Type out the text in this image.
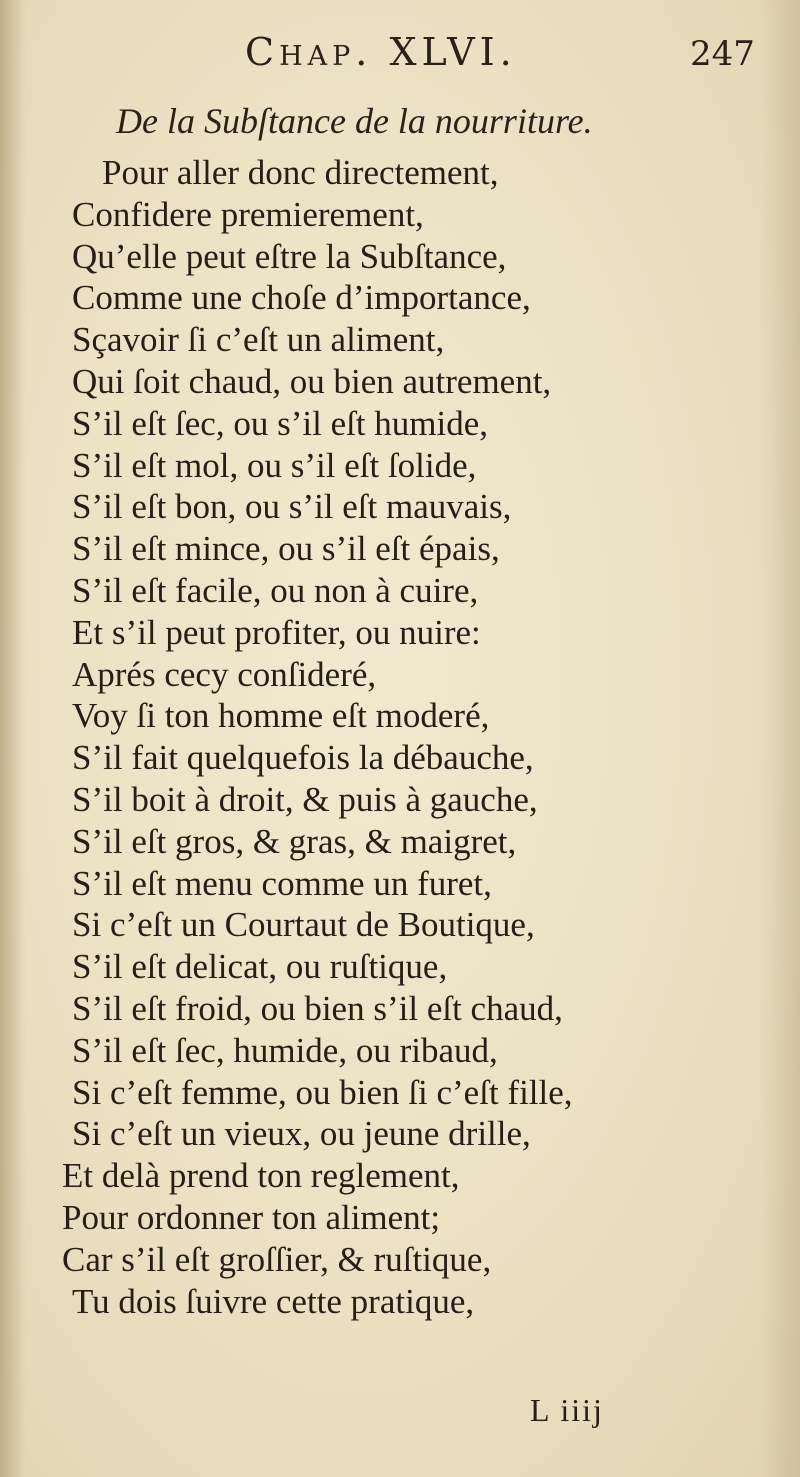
Chap. XLVI.	247
De la Subſtance de la nourriture.
Pour aller donc directement,
Confidere premierement,
Qu’elle peut eſtre la Subſtance,
Comme une choſe d’importance,
Sçavoir ſi c’eſt un aliment,
Qui ſoit chaud, ou bien autrement,
S’il eſt ſec, ou s’il eſt humide,
S’il eſt mol, ou s’il eſt ſolide,
S’il eſt bon, ou s’il eſt mauvais,
S’il eſt mince, ou s’il eſt épais,
S’il eſt facile, ou non à cuire,
Et s’il peut profiter, ou nuire:
Aprés cecy conſideré,
Voy ſi ton homme eſt moderé,
S’il fait quelquefois la débauche,
S’il boit à droit, & puis à gauche,
S’il eſt gros, & gras, & maigret,
S’il eſt menu comme un furet,
Si c’eſt un Courtaut de Boutique,
S’il eſt delicat, ou ruſtique,
S’il eſt froid, ou bien s’il eſt chaud,
S’il eſt ſec, humide, ou ribaud,
Si c’eſt femme, ou bien ſi c’eſt fille,
Si c’eſt un vieux, ou jeune drille,
Et delà prend ton reglement,
Pour ordonner ton aliment;
Car s’il eſt groſſier, & ruſtique,
Tu dois ſuivre cette pratique,
L iiij
